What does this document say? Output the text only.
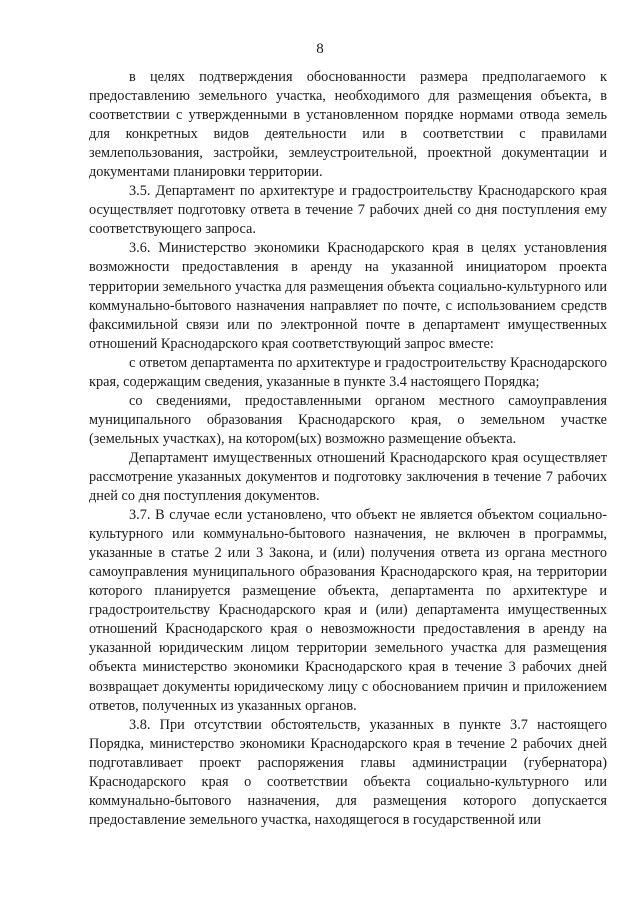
8

в целях подтверждения обоснованности размера предполагаемого к предоставлению земельного участка, необходимого для размещения объекта, в соответствии с утвержденными в установленном порядке нормами отвода земель для конкретных видов деятельности или в соответствии с правилами землепользования, застройки, землеустроительной, проектной документации и документами планировки территории.

3.5. Департамент по архитектуре и градостроительству Краснодарского края осуществляет подготовку ответа в течение 7 рабочих дней со дня поступления ему соответствующего запроса.

3.6. Министерство экономики Краснодарского края в целях установления возможности предоставления в аренду на указанной инициатором проекта территории земельного участка для размещения объекта социально-культурного или коммунально-бытового назначения направляет по почте, с использованием средств факсимильной связи или по электронной почте в департамент имущественных отношений Краснодарского края соответствующий запрос вместе:

с ответом департамента по архитектуре и градостроительству Краснодарского края, содержащим сведения, указанные в пункте 3.4 настоящего Порядка;

со сведениями, предоставленными органом местного самоуправления муниципального образования Краснодарского края, о земельном участке (земельных участках), на котором(ых) возможно размещение объекта.

Департамент имущественных отношений Краснодарского края осуществляет рассмотрение указанных документов и подготовку заключения в течение 7 рабочих дней со дня поступления документов.

3.7. В случае если установлено, что объект не является объектом социально-культурного или коммунально-бытового назначения, не включен в программы, указанные в статье 2 или 3 Закона, и (или) получения ответа из органа местного самоуправления муниципального образования Краснодарского края, на территории которого планируется размещение объекта, департамента по архитектуре и градостроительству Краснодарского края и (или) департамента имущественных отношений Краснодарского края о невозможности предоставления в аренду на указанной юридическим лицом территории земельного участка для размещения объекта министерство экономики Краснодарского края в течение 3 рабочих дней возвращает документы юридическому лицу с обоснованием причин и приложением ответов, полученных из указанных органов.

3.8. При отсутствии обстоятельств, указанных в пункте 3.7 настоящего Порядка, министерство экономики Краснодарского края в течение 2 рабочих дней подготавливает проект распоряжения главы администрации (губернатора) Краснодарского края о соответствии объекта социально-культурного или коммунально-бытового назначения, для размещения которого допускается предоставление земельного участка, находящегося в государственной или
